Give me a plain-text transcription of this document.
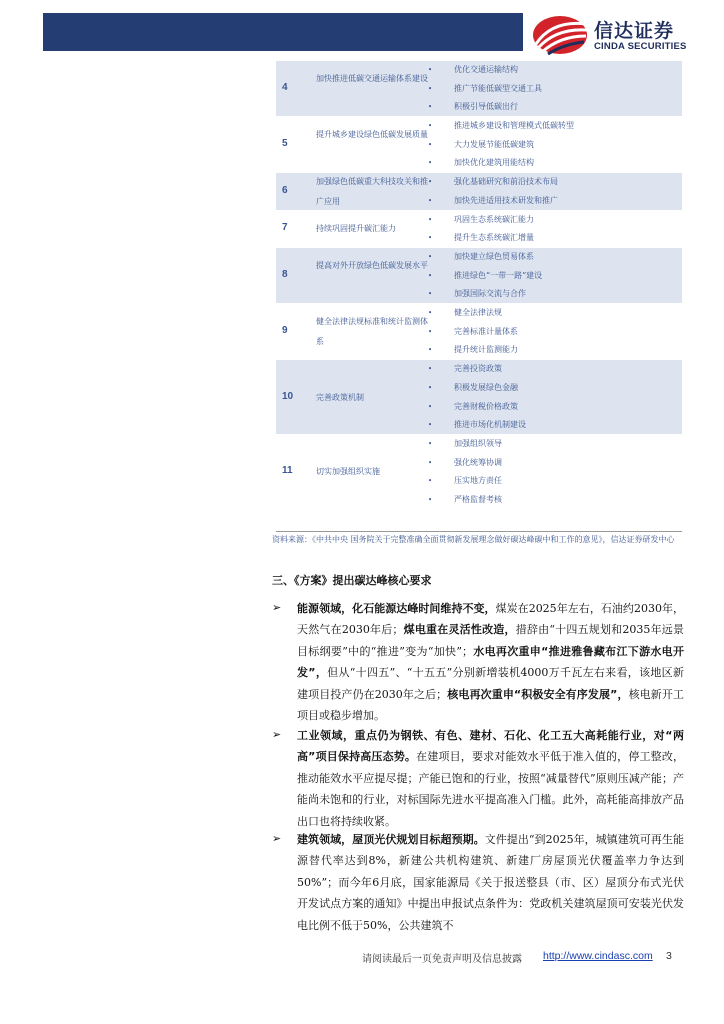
信达证券
CINDA SECURITIES
4
加快推进低碳交通运输体系建设
•	优化交通运输结构
•	推广节能低碳型交通工具
•	积极引导低碳出行
5
提升城乡建设绿色低碳发展质量
•	推进城乡建设和管理模式低碳转型
•	大力发展节能低碳建筑
•	加快优化建筑用能结构
6
加强绿色低碳重大科技攻关和推广应用
•	强化基础研究和前沿技术布局
•	加快先进适用技术研发和推广
7	持续巩固提升碳汇能力
•	巩固生态系统碳汇能力
•	提升生态系统碳汇增量
8
提高对外开放绿色低碳发展水平
•	加快建立绿色贸易体系
•	推进绿色“一带一路”建设
•	加强国际交流与合作
9
健全法律法规标准和统计监测体系
•	健全法律法规
•	完善标准计量体系
•	提升统计监测能力
10	完善政策机制
•	完善投资政策
•	积极发展绿色金融
•	完善财税价格政策
•	推进市场化机制建设
11	切实加强组织实施
•	加强组织领导
•	强化统筹协调
•	压实地方责任
•	严格监督考核
资料来源：《中共中央 国务院关于完整准确全面贯彻新发展理念做好碳达峰碳中和工作的意见》，信达证券研发中心
三、《方案》提出碳达峰核心要求
➢ 能源领域，化石能源达峰时间维持不变，煤炭在2025年左右，石油约2030年，天然气在2030年后；煤电重在灵活性改造，措辞由“十四五规划和2035年远景目标纲要”中的“推进”变为“加快”；水电再次重申“推进雅鲁藏布江下游水电开发”，但从“十四五”、“十五五”分别新增装机4000万千瓦左右来看，该地区新建项目投产仍在2030年之后；核电再次重申“积极安全有序发展”，核电新开工项目或稳步增加。
➢ 工业领域，重点仍为钢铁、有色、建材、石化、化工五大高耗能行业，对“两高”项目保持高压态势。在建项目，要求对能效水平低于准入值的，停工整改，推动能效水平应提尽提；产能已饱和的行业，按照“减量替代”原则压减产能；产能尚未饱和的行业，对标国际先进水平提高准入门槛。此外，高耗能高排放产品出口也将持续收紧。
➢ 建筑领域，屋顶光伏规划目标超预期。文件提出“到2025年，城镇建筑可再生能源替代率达到8%，新建公共机构建筑、新建厂房屋顶光伏覆盖率力争达到50%”；而今年6月底，国家能源局《关于报送整县（市、区）屋顶分布式光伏开发试点方案的通知》中提出申报试点条件为：党政机关建筑屋顶可安装光伏发电比例不低于50%，公共建筑不
请阅读最后一页免责声明及信息披露 http://www.cindasc.com 3
